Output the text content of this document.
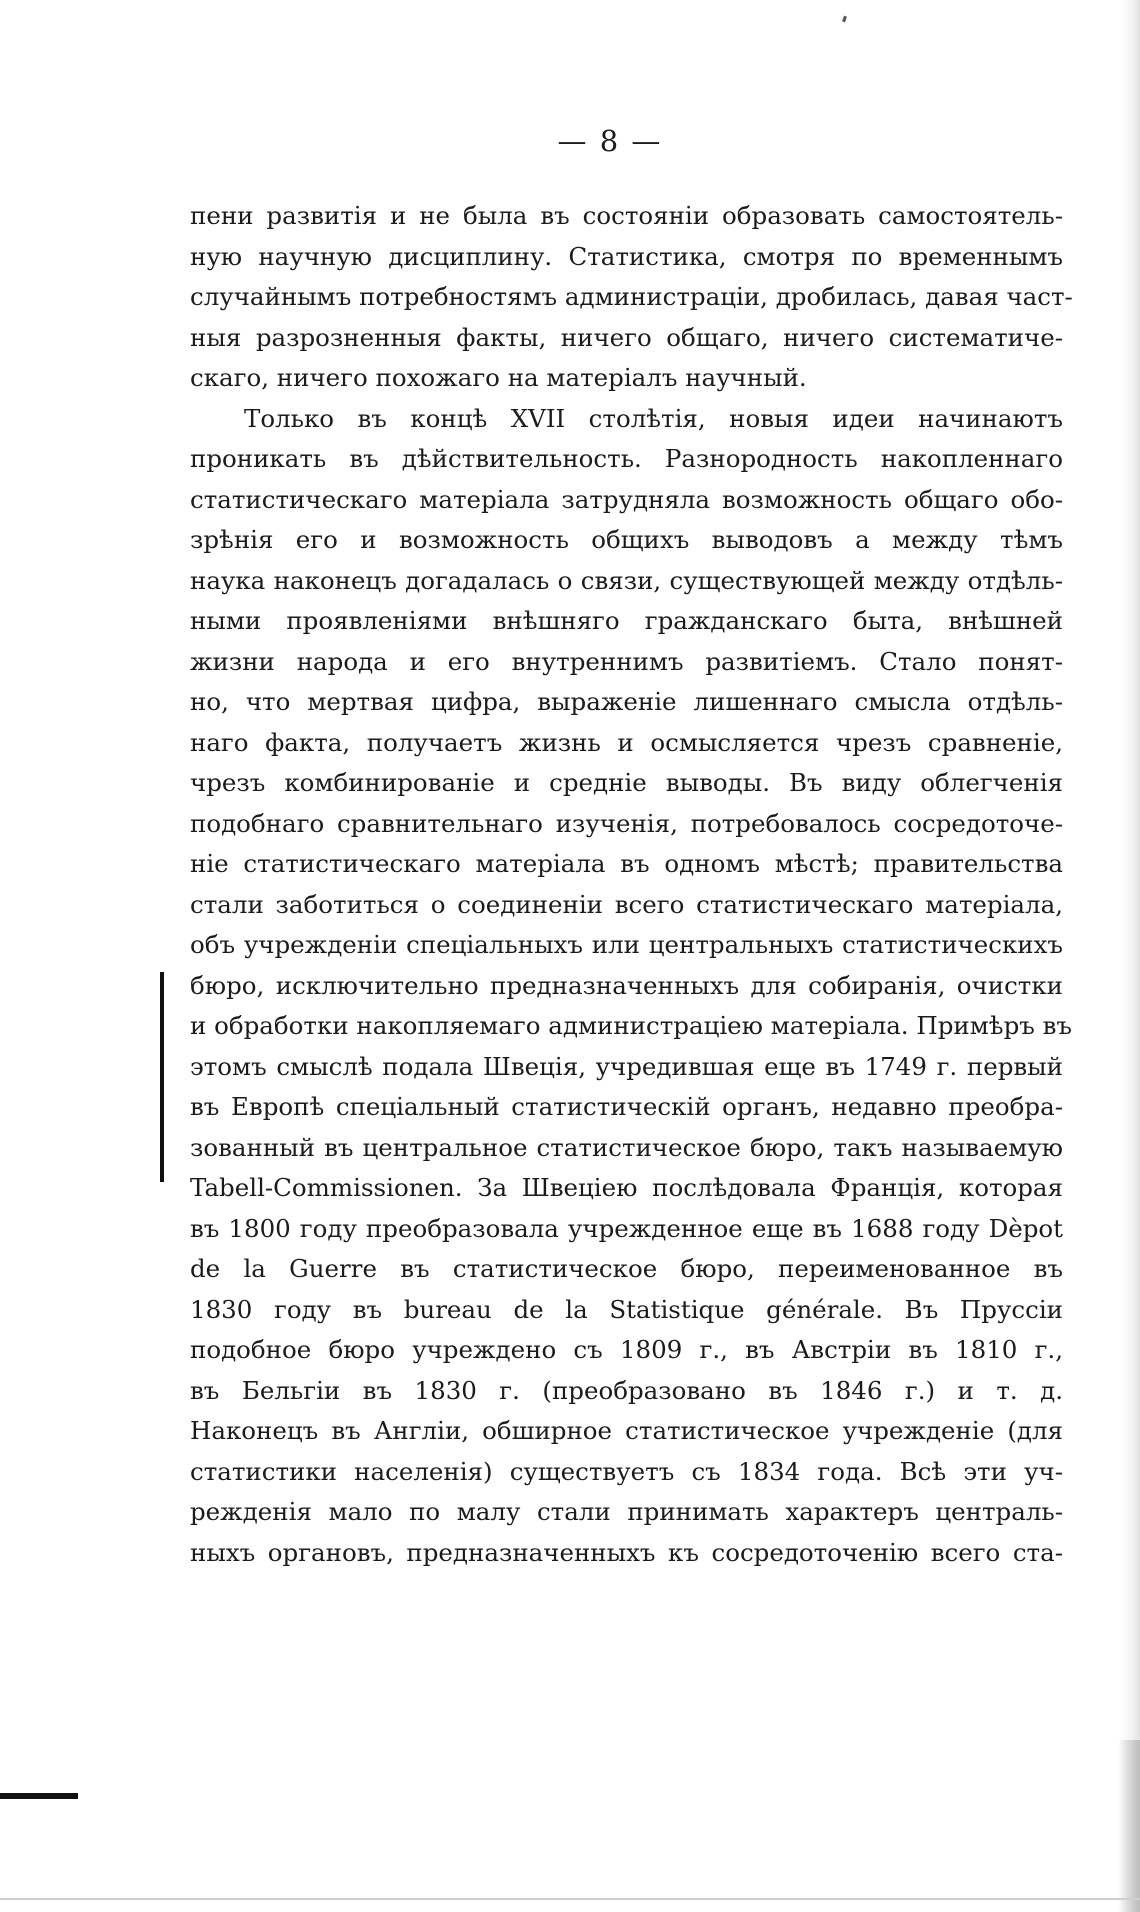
— 8 —
пени развитія и не была въ состояніи образовать самостоятель-
ную научную дисциплину. Статистика, смотря по временнымъ
случайнымъ потребностямъ администраціи, дробилась, давая част-
ныя разрозненныя факты, ничего общаго, ничего систематиче-
скаго, ничего похожаго на матеріалъ научный.
Только въ концѣ XVII столѣтія, новыя идеи начинаютъ
проникать въ дѣйствительность. Разнородность накопленнаго
статистическаго матеріала затрудняла возможность общаго обо-
зрѣнія его и возможность общихъ выводовъ а между тѣмъ
наука наконецъ догадалась о связи, существующей между отдѣль-
ными проявленіями внѣшняго гражданскаго быта, внѣшней
жизни народа и его внутреннимъ развитіемъ. Стало понят-
но, что мертвая цифра, выраженіе лишеннаго смысла отдѣль-
наго факта, получаетъ жизнь и осмысляется чрезъ сравненіе,
чрезъ комбинированіе и средніе выводы. Въ виду облегченія
подобнаго сравнительнаго изученія, потребовалось сосредоточе-
ніе статистическаго матеріала въ одномъ мѣстѣ; правительства
стали заботиться о соединеніи всего статистическаго матеріала,
объ учрежденіи спеціальныхъ или центральныхъ статистическихъ
бюро, исключительно предназначенныхъ для собиранія, очистки
и обработки накопляемаго администраціею матеріала. Примѣръ въ
этомъ смыслѣ подала Швеція, учредившая еще въ 1749 г. первый
въ Европѣ спеціальный статистическій органъ, недавно преобра-
зованный въ центральное статистическое бюро, такъ называемую
Tabell-Commissionen. За Швеціею послѣдовала Франція, которая
въ 1800 году преобразовала учрежденное еще въ 1688 году Dèpot
de la Guerre въ статистическое бюро, переименованное въ
1830 году въ bureau de la Statistique générale. Въ Пруссіи
подобное бюро учреждено съ 1809 г., въ Австріи въ 1810 г.,
въ Бельгіи въ 1830 г. (преобразовано въ 1846 г.) и т. д.
Наконецъ въ Англіи, обширное статистическое учрежденіе (для
статистики населенія) существуетъ съ 1834 года. Всѣ эти уч-
режденія мало по малу стали принимать характеръ централь-
ныхъ органовъ, предназначенныхъ къ сосредоточенію всего ста-
